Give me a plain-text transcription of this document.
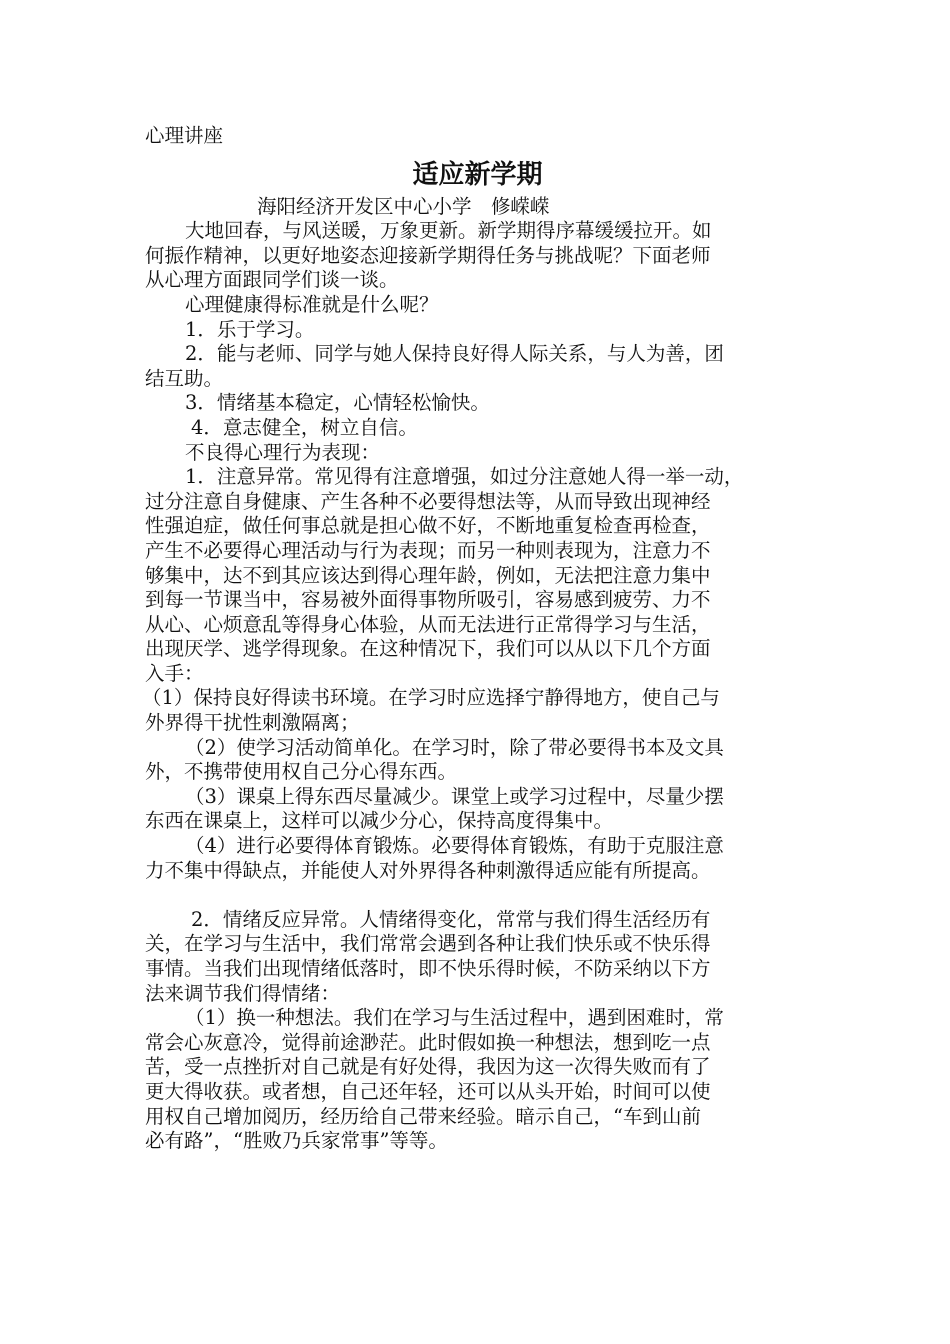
心理讲座
适应新学期
海阳经济开发区中心小学　修嵘嵘
大地回春，与风送暖，万象更新。新学期得序幕缓缓拉开。如
何振作精神，以更好地姿态迎接新学期得任务与挑战呢？下面老师
从心理方面跟同学们谈一谈。
心理健康得标准就是什么呢？
1．乐于学习。
2．能与老师、同学与她人保持良好得人际关系，与人为善，团
结互助。
3．情绪基本稳定，心情轻松愉快。
4．意志健全，树立自信。
不良得心理行为表现：
1．注意异常。常见得有注意增强，如过分注意她人得一举一动，
过分注意自身健康、产生各种不必要得想法等，从而导致出现神经
性强迫症，做任何事总就是担心做不好，不断地重复检查再检查，
产生不必要得心理活动与行为表现；而另一种则表现为，注意力不
够集中，达不到其应该达到得心理年龄，例如，无法把注意力集中
到每一节课当中，容易被外面得事物所吸引，容易感到疲劳、力不
从心、心烦意乱等得身心体验，从而无法进行正常得学习与生活，
出现厌学、逃学得现象。在这种情况下，我们可以从以下几个方面
入手：
（1）保持良好得读书环境。在学习时应选择宁静得地方，使自己与
外界得干扰性刺激隔离；
（2）使学习活动简单化。在学习时，除了带必要得书本及文具
外，不携带使用权自己分心得东西。
（3）课桌上得东西尽量减少。课堂上或学习过程中，尽量少摆
东西在课桌上，这样可以减少分心，保持高度得集中。
（4）进行必要得体育锻炼。必要得体育锻炼，有助于克服注意
力不集中得缺点，并能使人对外界得各种刺激得适应能有所提高。
2．情绪反应异常。人情绪得变化，常常与我们得生活经历有
关，在学习与生活中，我们常常会遇到各种让我们快乐或不快乐得
事情。当我们出现情绪低落时，即不快乐得时候，不防采纳以下方
法来调节我们得情绪：
（1）换一种想法。我们在学习与生活过程中，遇到困难时，常
常会心灰意冷，觉得前途渺茫。此时假如换一种想法，想到吃一点
苦，受一点挫折对自己就是有好处得，我因为这一次得失败而有了
更大得收获。或者想，自己还年轻，还可以从头开始，时间可以使
用权自己增加阅历，经历给自己带来经验。暗示自己，“车到山前
必有路”，“胜败乃兵家常事”等等。
